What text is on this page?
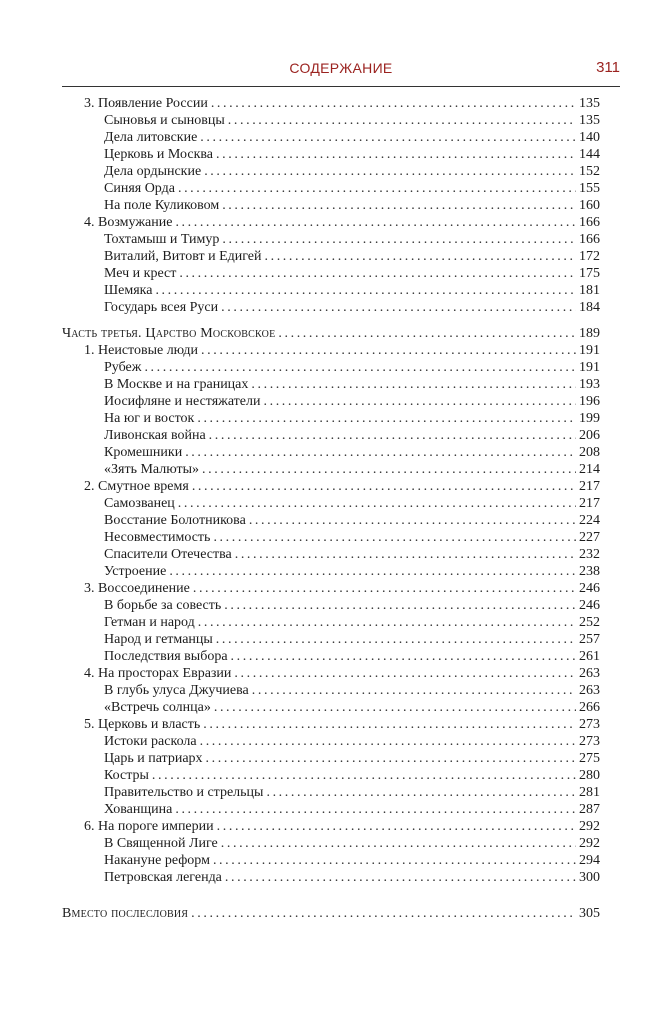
СОДЕРЖАНИЕ	311
3. Появление России .....	135
Сыновья и сыновцы .....	135
Дела литовские .....	140
Церковь и Москва .....	144
Дела ордынские .....	152
Синяя Орда .....	155
На поле Куликовом .....	160
4. Возмужание .....	166
Тохтамыш и Тимур .....	166
Виталий, Витовт и Едигей .....	172
Меч и крест .....	175
Шемяка .....	181
Государь всея Руси .....	184
Часть третья. Царство Московское .....	189
1. Неистовые люди .....	191
Рубеж .....	191
В Москве и на границах .....	193
Иосифляне и нестяжатели .....	196
На юг и восток .....	199
Ливонская война .....	206
Кромешники .....	208
«Зять Малюты» .....	214
2. Смутное время .....	217
Самозванец .....	217
Восстание Болотникова .....	224
Несовместимость .....	227
Спасители Отечества .....	232
Устроение .....	238
3. Воссоединение .....	246
В борьбе за совесть .....	246
Гетман и народ .....	252
Народ и гетманцы .....	257
Последствия выбора .....	261
4. На просторах Евразии .....	263
В глубь улуса Джучиева .....	263
«Встречь солнца» .....	266
5. Церковь и власть .....	273
Истоки раскола .....	273
Царь и патриарх .....	275
Костры .....	280
Правительство и стрельцы .....	281
Хованщина .....	287
6. На пороге империи .....	292
В Священной Лиге .....	292
Накануне реформ .....	294
Петровская легенда .....	300
Вместо послесловия .....	305
